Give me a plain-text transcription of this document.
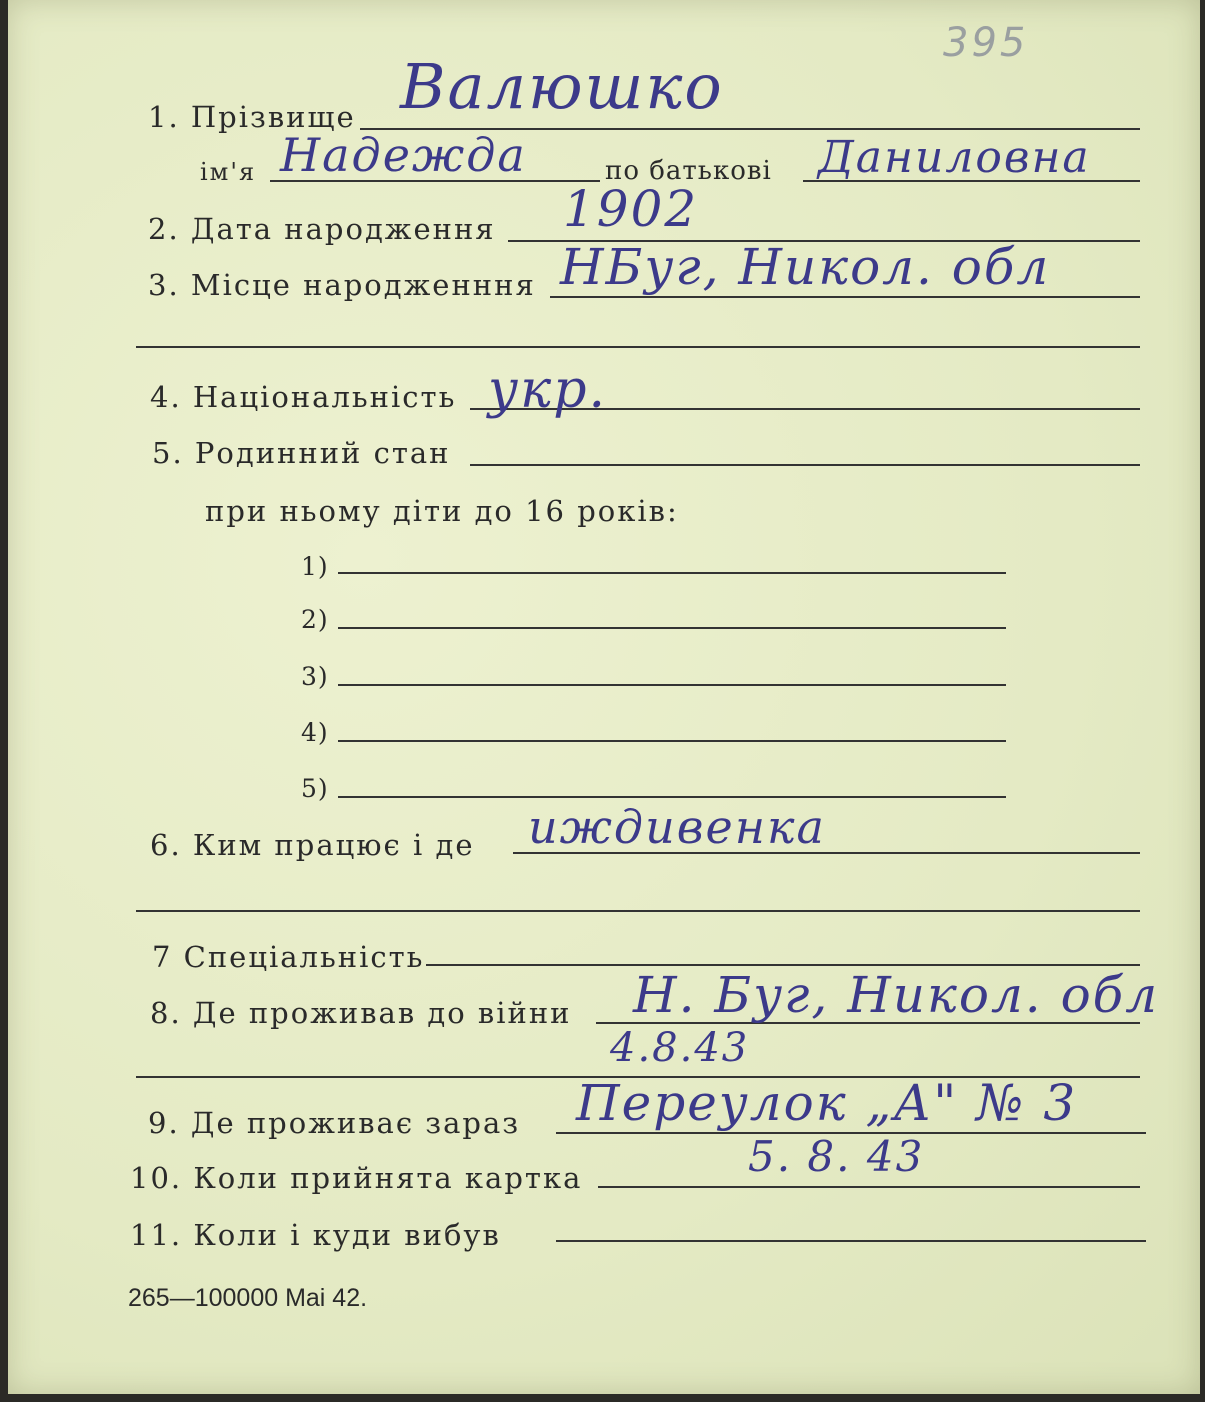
395
1. Прізвище Валюшко
ім'я Надежда	по батькові Даниловна
2. Дата народження 1902
3. Місце народженння НБуг, Никол. обл
4. Національність укр.
5. Родинний стан
при ньому діти до 16 років:
1)
2)
3)
4)
5)
6. Ким працює і де иждивенка
7 Спеціальність
8. Де проживав до війни Н. Буг, Никол. обл
4.8.43
9. Де проживає зараз Переулок „А" № 3
10. Коли прийнята картка	5. 8. 43
11. Коли і куди вибув
265—100000 Mai 42.
